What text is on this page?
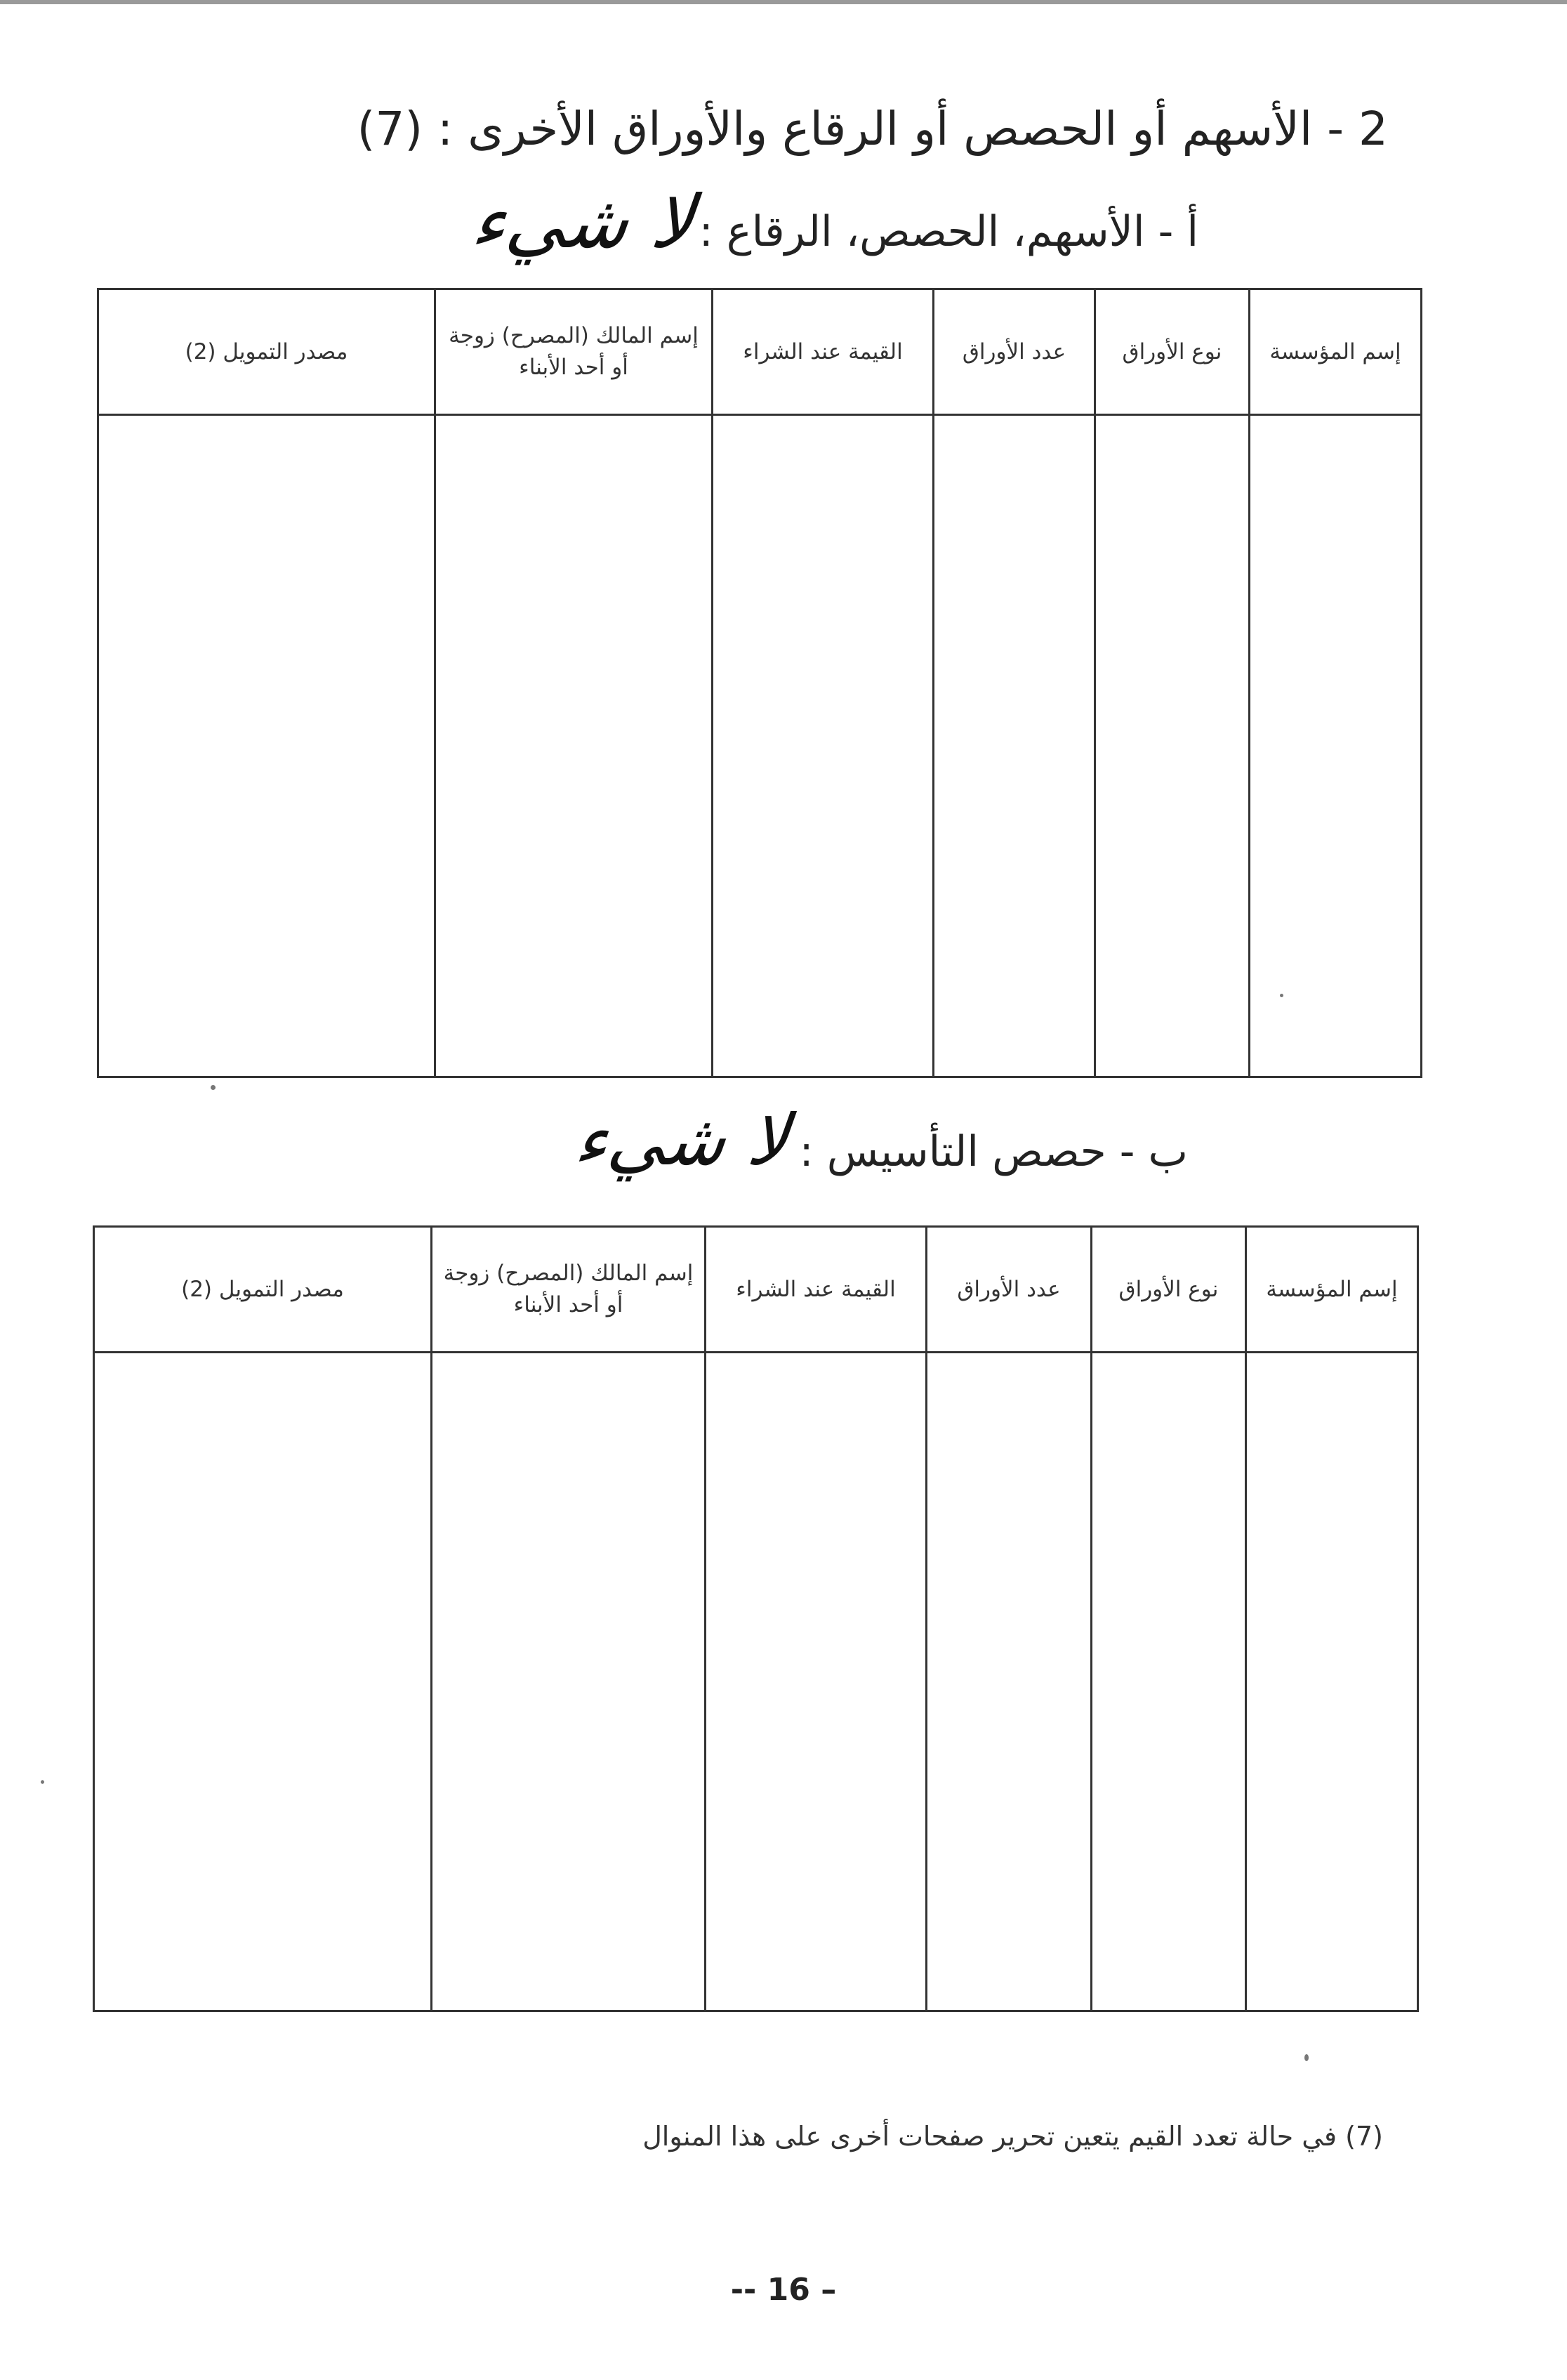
2 - الأسهم أو الحصص أو الرقاع والأوراق الأخرى : (7)
أ - الأسهم، الحصص، الرقاع :
لا شيء
إسم المؤسسة	نوع الأوراق	عدد الأوراق	القيمة عند الشراء	إسم المالك (المصرح) زوجة أو أحد الأبناء	مصدر التمويل (2)

ب - حصص التأسيس :
لا شيء
إسم المؤسسة	نوع الأوراق	عدد الأوراق	القيمة عند الشراء	إسم المالك (المصرح) زوجة أو أحد الأبناء	مصدر التمويل (2)

(7) في حالة تعدد القيم يتعين تحرير صفحات أخرى على هذا المنوال
-- 16 –
